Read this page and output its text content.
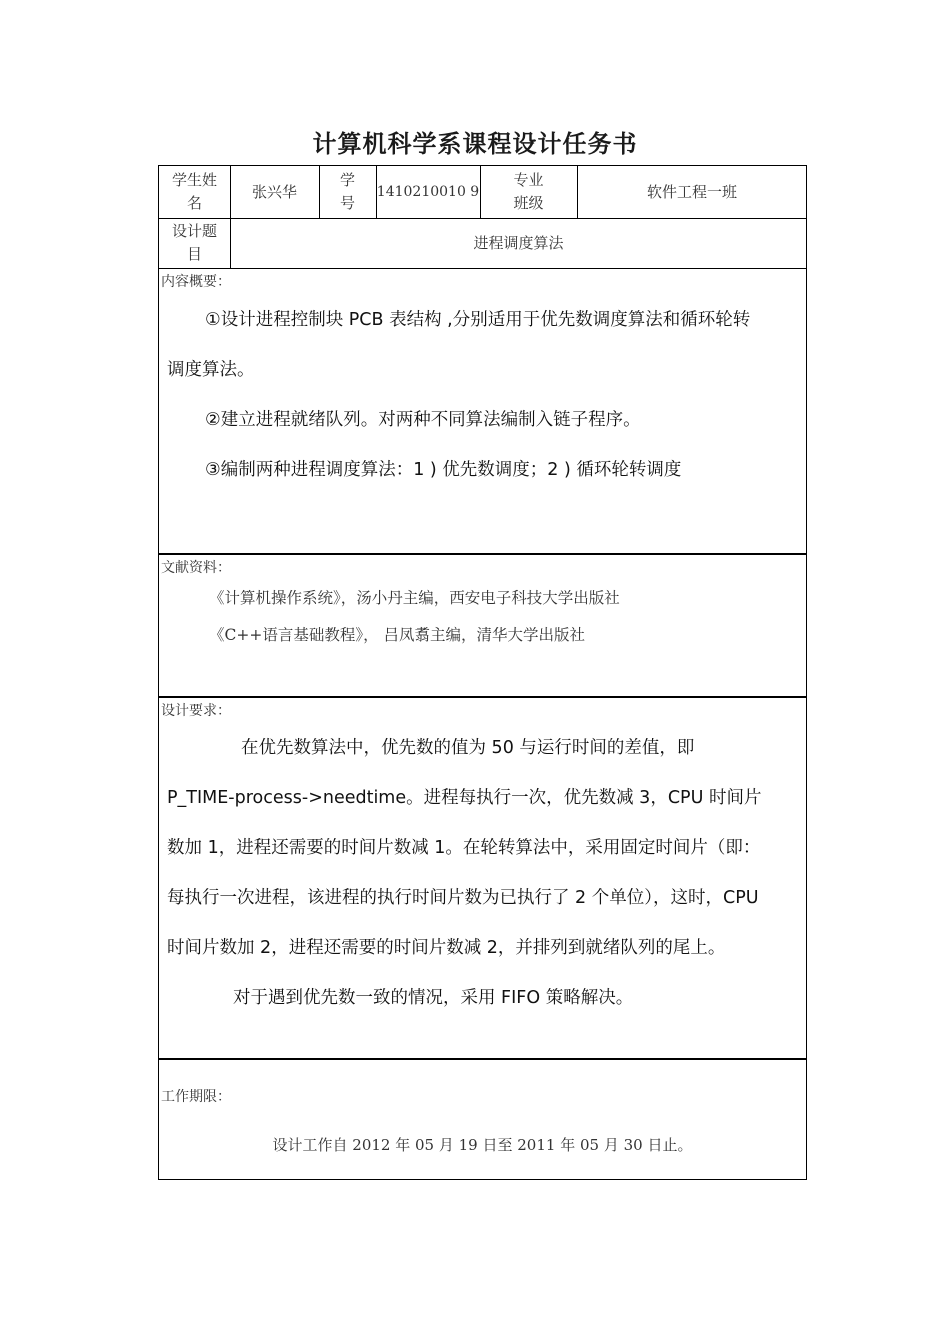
计算机科学系课程设计任务书
学生姓名
张兴华
学号
1410210010 9
专业班级
软件工程一班
设计题目
进程调度算法
内容概要：

①设计进程控制块 PCB 表结构 ,分别适用于优先数调度算法和循环轮转

调度算法。

②建立进程就绪队列。对两种不同算法编制入链子程序。

③编制两种进程调度算法：1 ) 优先数调度；2 ) 循环轮转调度

文献资料：

《计算机操作系统》，汤小丹主编，西安电子科技大学出版社

《C++语言基础教程》， 吕凤翥主编，清华大学出版社

设计要求：

在优先数算法中，优先数的值为 50 与运行时间的差值，即

P_TIME-process->needtime。进程每执行一次，优先数减 3，CPU 时间片

数加 1，进程还需要的时间片数减 1。在轮转算法中，采用固定时间片（即：

每执行一次进程，该进程的执行时间片数为已执行了 2 个单位），这时，CPU

时间片数加 2，进程还需要的时间片数减 2，并排列到就绪队列的尾上。

对于遇到优先数一致的情况，采用 FIFO 策略解决。

工作期限：
设计工作自 2012 年 05 月 19 日至 2011 年 05 月 30 日止。
